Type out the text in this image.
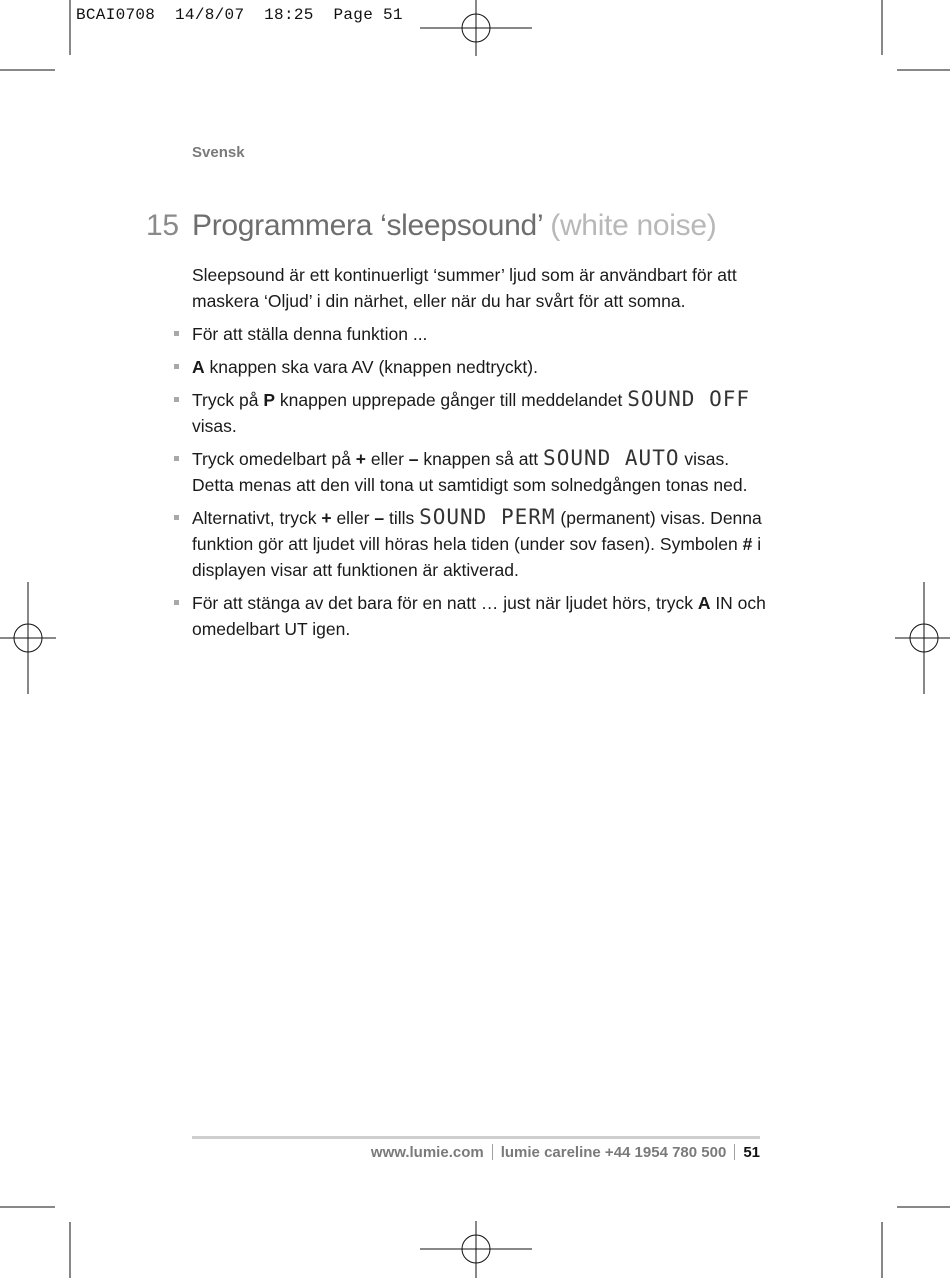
BCAI0708 14/8/07 18:25 Page 51
Svensk
15 Programmera ‘sleepsound’ (white noise)

Sleepsound är ett kontinuerligt ‘summer’ ljud som är användbart för att maskera ‘Oljud’ i din närhet, eller när du har svårt för att somna.

För att ställa denna funktion ...
A knappen ska vara AV (knappen nedtryckt).
Tryck på P knappen upprepade gånger till meddelandet SOUND OFF visas.
Tryck omedelbart på + eller – knappen så att SOUND AUTO visas. Detta menas att den vill tona ut samtidigt som solnedgången tonas ned.
Alternativt, tryck + eller – tills SOUND PERM (permanent) visas. Denna funktion gör att ljudet vill höras hela tiden (under sov fasen). Symbolen # i displayen visar att funktionen är aktiverad.
För att stänga av det bara för en natt … just när ljudet hörs, tryck A IN och omedelbart UT igen.
www.lumie.com lumie careline +44 1954 780 500 51
